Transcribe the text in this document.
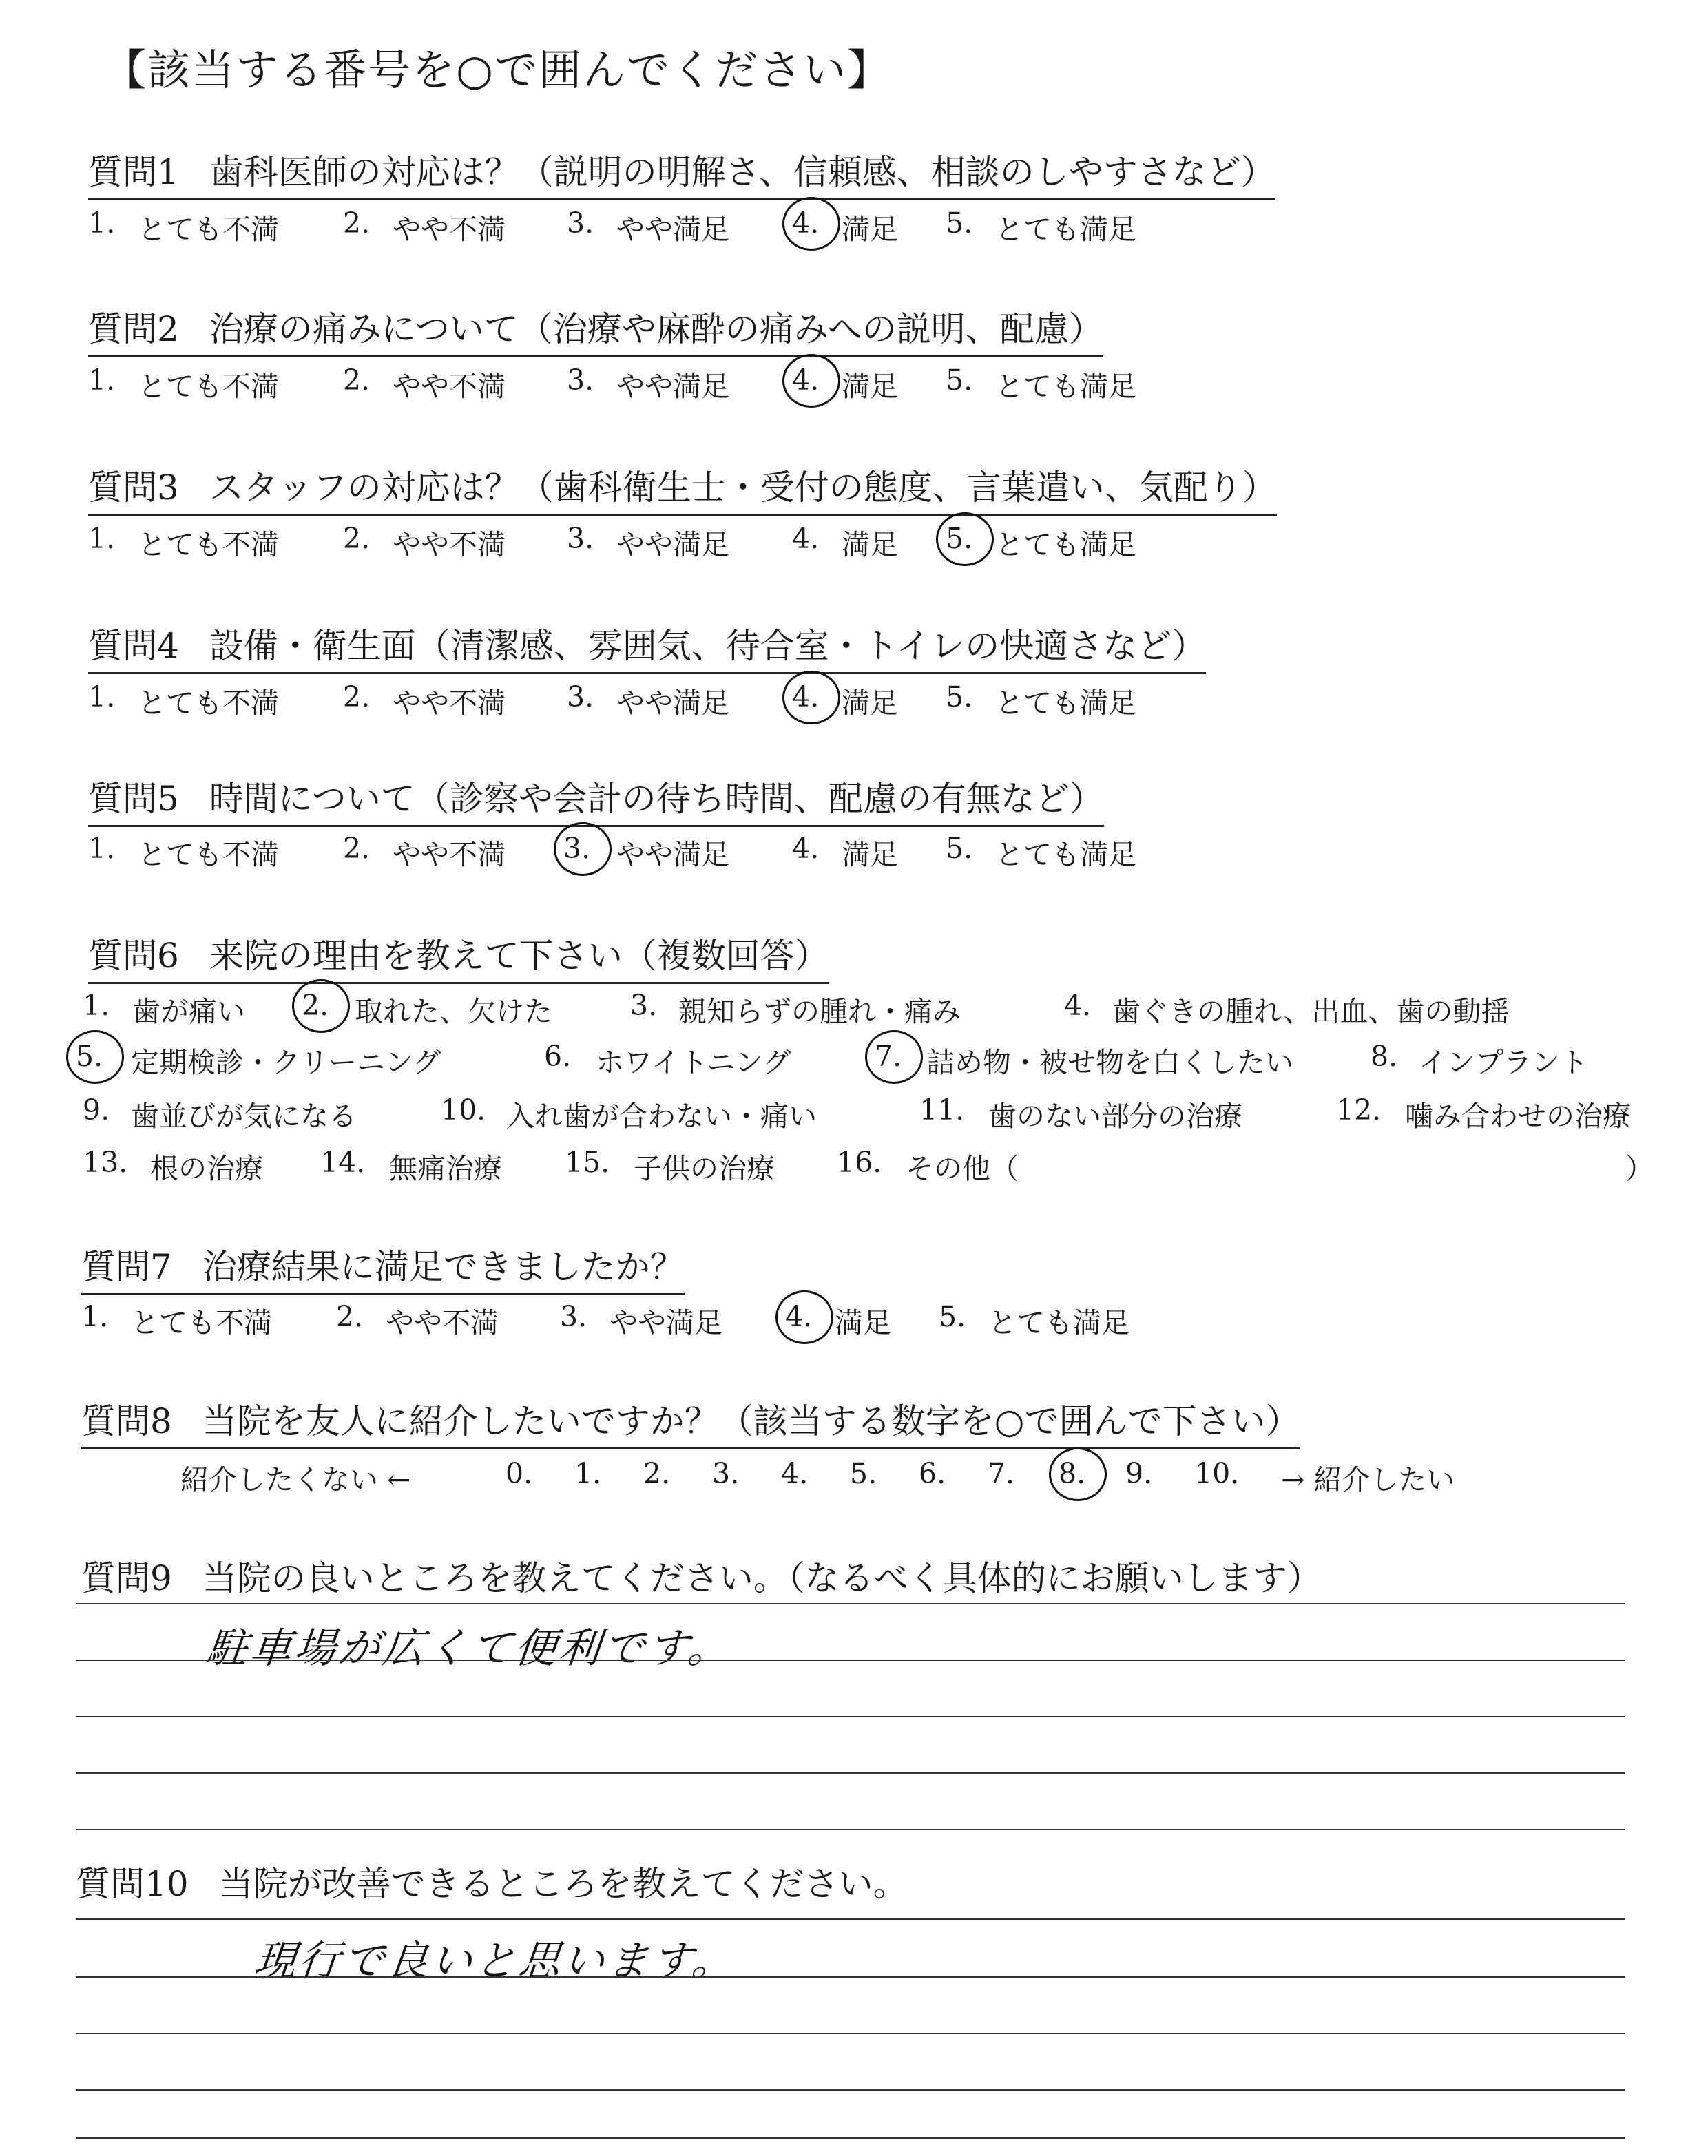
【該当する番号を○で囲んでください】
質問1 歯科医師の対応は？（説明の明解さ、信頼感、相談のしやすさなど）
1. とても不満 2. やや不満 3. やや満足 4. 満足 5. とても満足
質問2 治療の痛みについて（治療や麻酔の痛みへの説明、配慮）
1. とても不満 2. やや不満 3. やや満足 4. 満足 5. とても満足
質問3 スタッフの対応は？（歯科衛生士・受付の態度、言葉遣い、気配り）
1. とても不満 2. やや不満 3. やや満足 4. 満足 5. とても満足
質問4 設備・衛生面（清潔感、雰囲気、待合室・トイレの快適さなど）
1. とても不満 2. やや不満 3. やや満足 4. 満足 5. とても満足
質問5 時間について（診察や会計の待ち時間、配慮の有無など）
1. とても不満 2. やや不満 3. やや満足 4. 満足 5. とても満足
質問6 来院の理由を教えて下さい（複数回答）
1. 歯が痛い 2. 取れた、欠けた	3. 親知らずの腫れ・痛み	4. 歯ぐきの腫れ、出血、歯の動揺
5. 定期検診・クリーニング	6. ホワイトニング	7. 詰め物・被せ物を白くしたい	8. インプラント
9. 歯並びが気になる	10. 入れ歯が合わない・痛い	11. 歯のない部分の治療	12. 噛み合わせの治療
13. 根の治療 14. 無痛治療 15. 子供の治療 16. その他（	）
質問7 治療結果に満足できましたか？
1. とても不満 2. やや不満 3. やや満足 4. 満足 5. とても満足
質問8 当院を友人に紹介したいですか？（該当する数字を○で囲んで下さい）
紹介したくない ←	0. 1. 2. 3. 4. 5. 6. 7. 8. 9. 10. → 紹介したい
質問9 当院の良いところを教えてください。（なるべく具体的にお願いします）
駐車場が広くて便利です。
質問10 当院が改善できるところを教えてください。
現行で良いと思います。
